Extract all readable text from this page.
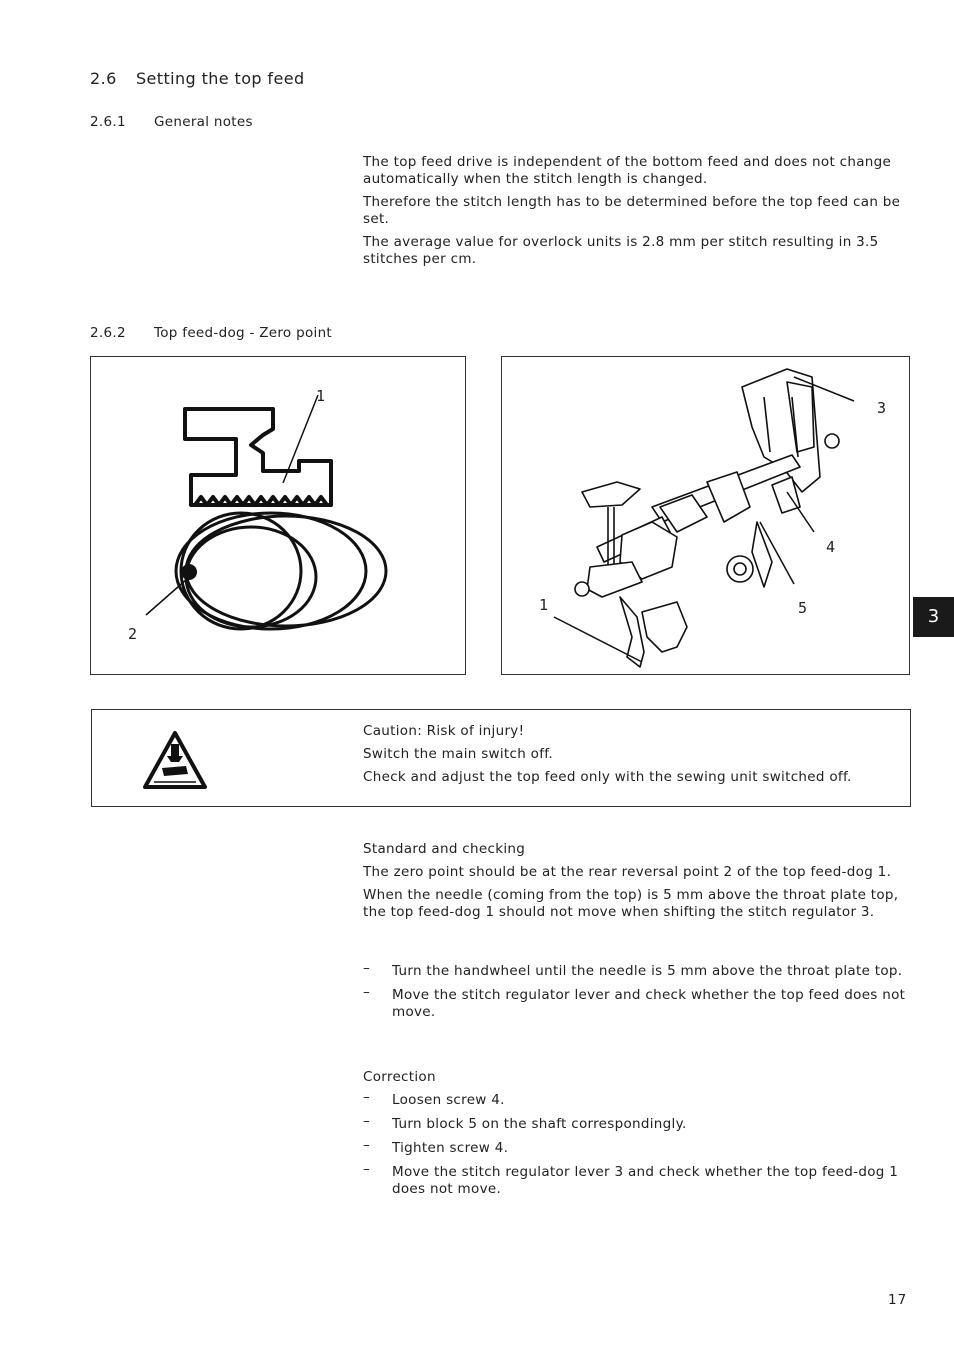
2.6 Setting the top feed
2.6.1 General notes

The top feed drive is independent of the bottom feed and does not change automatically when the stitch length is changed.

Therefore the stitch length has to be determined before the top feed can be set.

The average value for overlock units is 2.8 mm per stitch resulting in 3.5 stitches per cm.

2.6.2 Top feed-dog - Zero point
1
2
3
4
5
1
3

Caution: Risk of injury!

Switch the main switch off.

Check and adjust the top feed only with the sewing unit switched off.

Standard and checking

The zero point should be at the rear reversal point 2 of the top feed-dog 1.

When the needle (coming from the top) is 5 mm above the throat plate top, the top feed-dog 1 should not move when shifting the stitch regulator 3.

– Turn the handwheel until the needle is 5 mm above the throat plate top.
– Move the stitch regulator lever and check whether the top feed does not move.
Correction
– Loosen screw 4.
– Turn block 5 on the shaft correspondingly.
– Tighten screw 4.
– Move the stitch regulator lever 3 and check whether the top feed-dog 1 does not move.
17
